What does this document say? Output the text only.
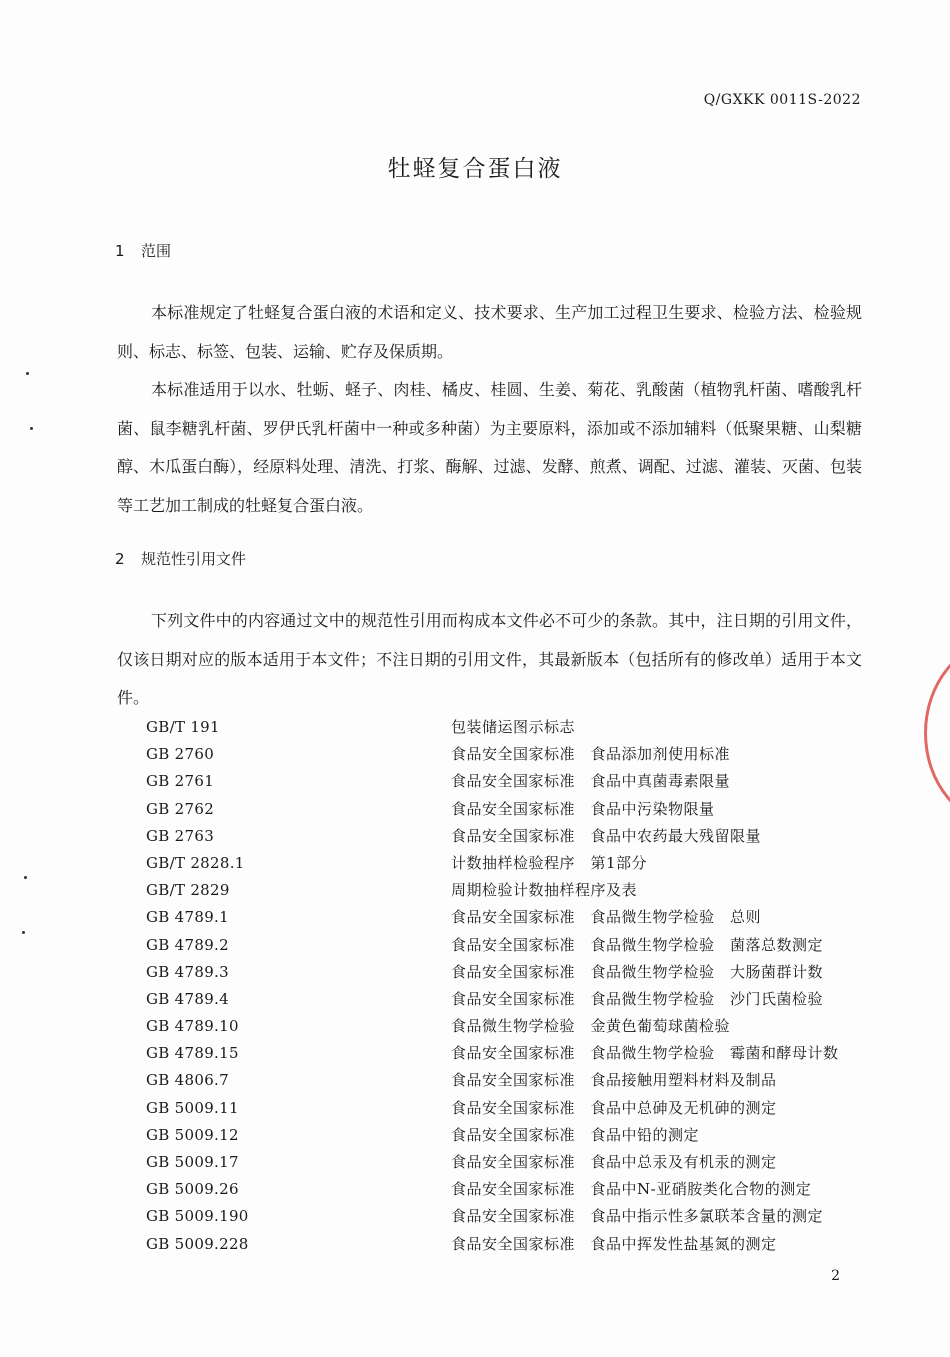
Q/GXKK 0011S-2022
牡蛏复合蛋白液
1 范围
本标准规定了牡蛏复合蛋白液的术语和定义、技术要求、生产加工过程卫生要求、检验方法、检验规则、标志、标签、包装、运输、贮存及保质期。
本标准适用于以水、牡蛎、蛏子、肉桂、橘皮、桂圆、生姜、菊花、乳酸菌（植物乳杆菌、嗜酸乳杆菌、鼠李糖乳杆菌、罗伊氏乳杆菌中一种或多种菌）为主要原料，添加或不添加辅料（低聚果糖、山梨糖醇、木瓜蛋白酶），经原料处理、清洗、打浆、酶解、过滤、发酵、煎煮、调配、过滤、灌装、灭菌、包装等工艺加工制成的牡蛏复合蛋白液。
2 规范性引用文件
下列文件中的内容通过文中的规范性引用而构成本文件必不可少的条款。其中，注日期的引用文件，仅该日期对应的版本适用于本文件；不注日期的引用文件，其最新版本（包括所有的修改单）适用于本文件。
GB/T 191	包装储运图示标志
GB 2760	食品安全国家标准　食品添加剂使用标准
GB 2761	食品安全国家标准　食品中真菌毒素限量
GB 2762	食品安全国家标准　食品中污染物限量
GB 2763	食品安全国家标准　食品中农药最大残留限量
GB/T 2828.1	计数抽样检验程序　第1部分
GB/T 2829	周期检验计数抽样程序及表
GB 4789.1	食品安全国家标准　食品微生物学检验　总则
GB 4789.2	食品安全国家标准　食品微生物学检验　菌落总数测定
GB 4789.3	食品安全国家标准　食品微生物学检验　大肠菌群计数
GB 4789.4	食品安全国家标准　食品微生物学检验　沙门氏菌检验
GB 4789.10	食品微生物学检验　金黄色葡萄球菌检验
GB 4789.15	食品安全国家标准　食品微生物学检验　霉菌和酵母计数
GB 4806.7	食品安全国家标准　食品接触用塑料材料及制品
GB 5009.11	食品安全国家标准　食品中总砷及无机砷的测定
GB 5009.12	食品安全国家标准　食品中铅的测定
GB 5009.17	食品安全国家标准　食品中总汞及有机汞的测定
GB 5009.26	食品安全国家标准　食品中N-亚硝胺类化合物的测定
GB 5009.190	食品安全国家标准　食品中指示性多氯联苯含量的测定
GB 5009.228	食品安全国家标准　食品中挥发性盐基氮的测定
2
